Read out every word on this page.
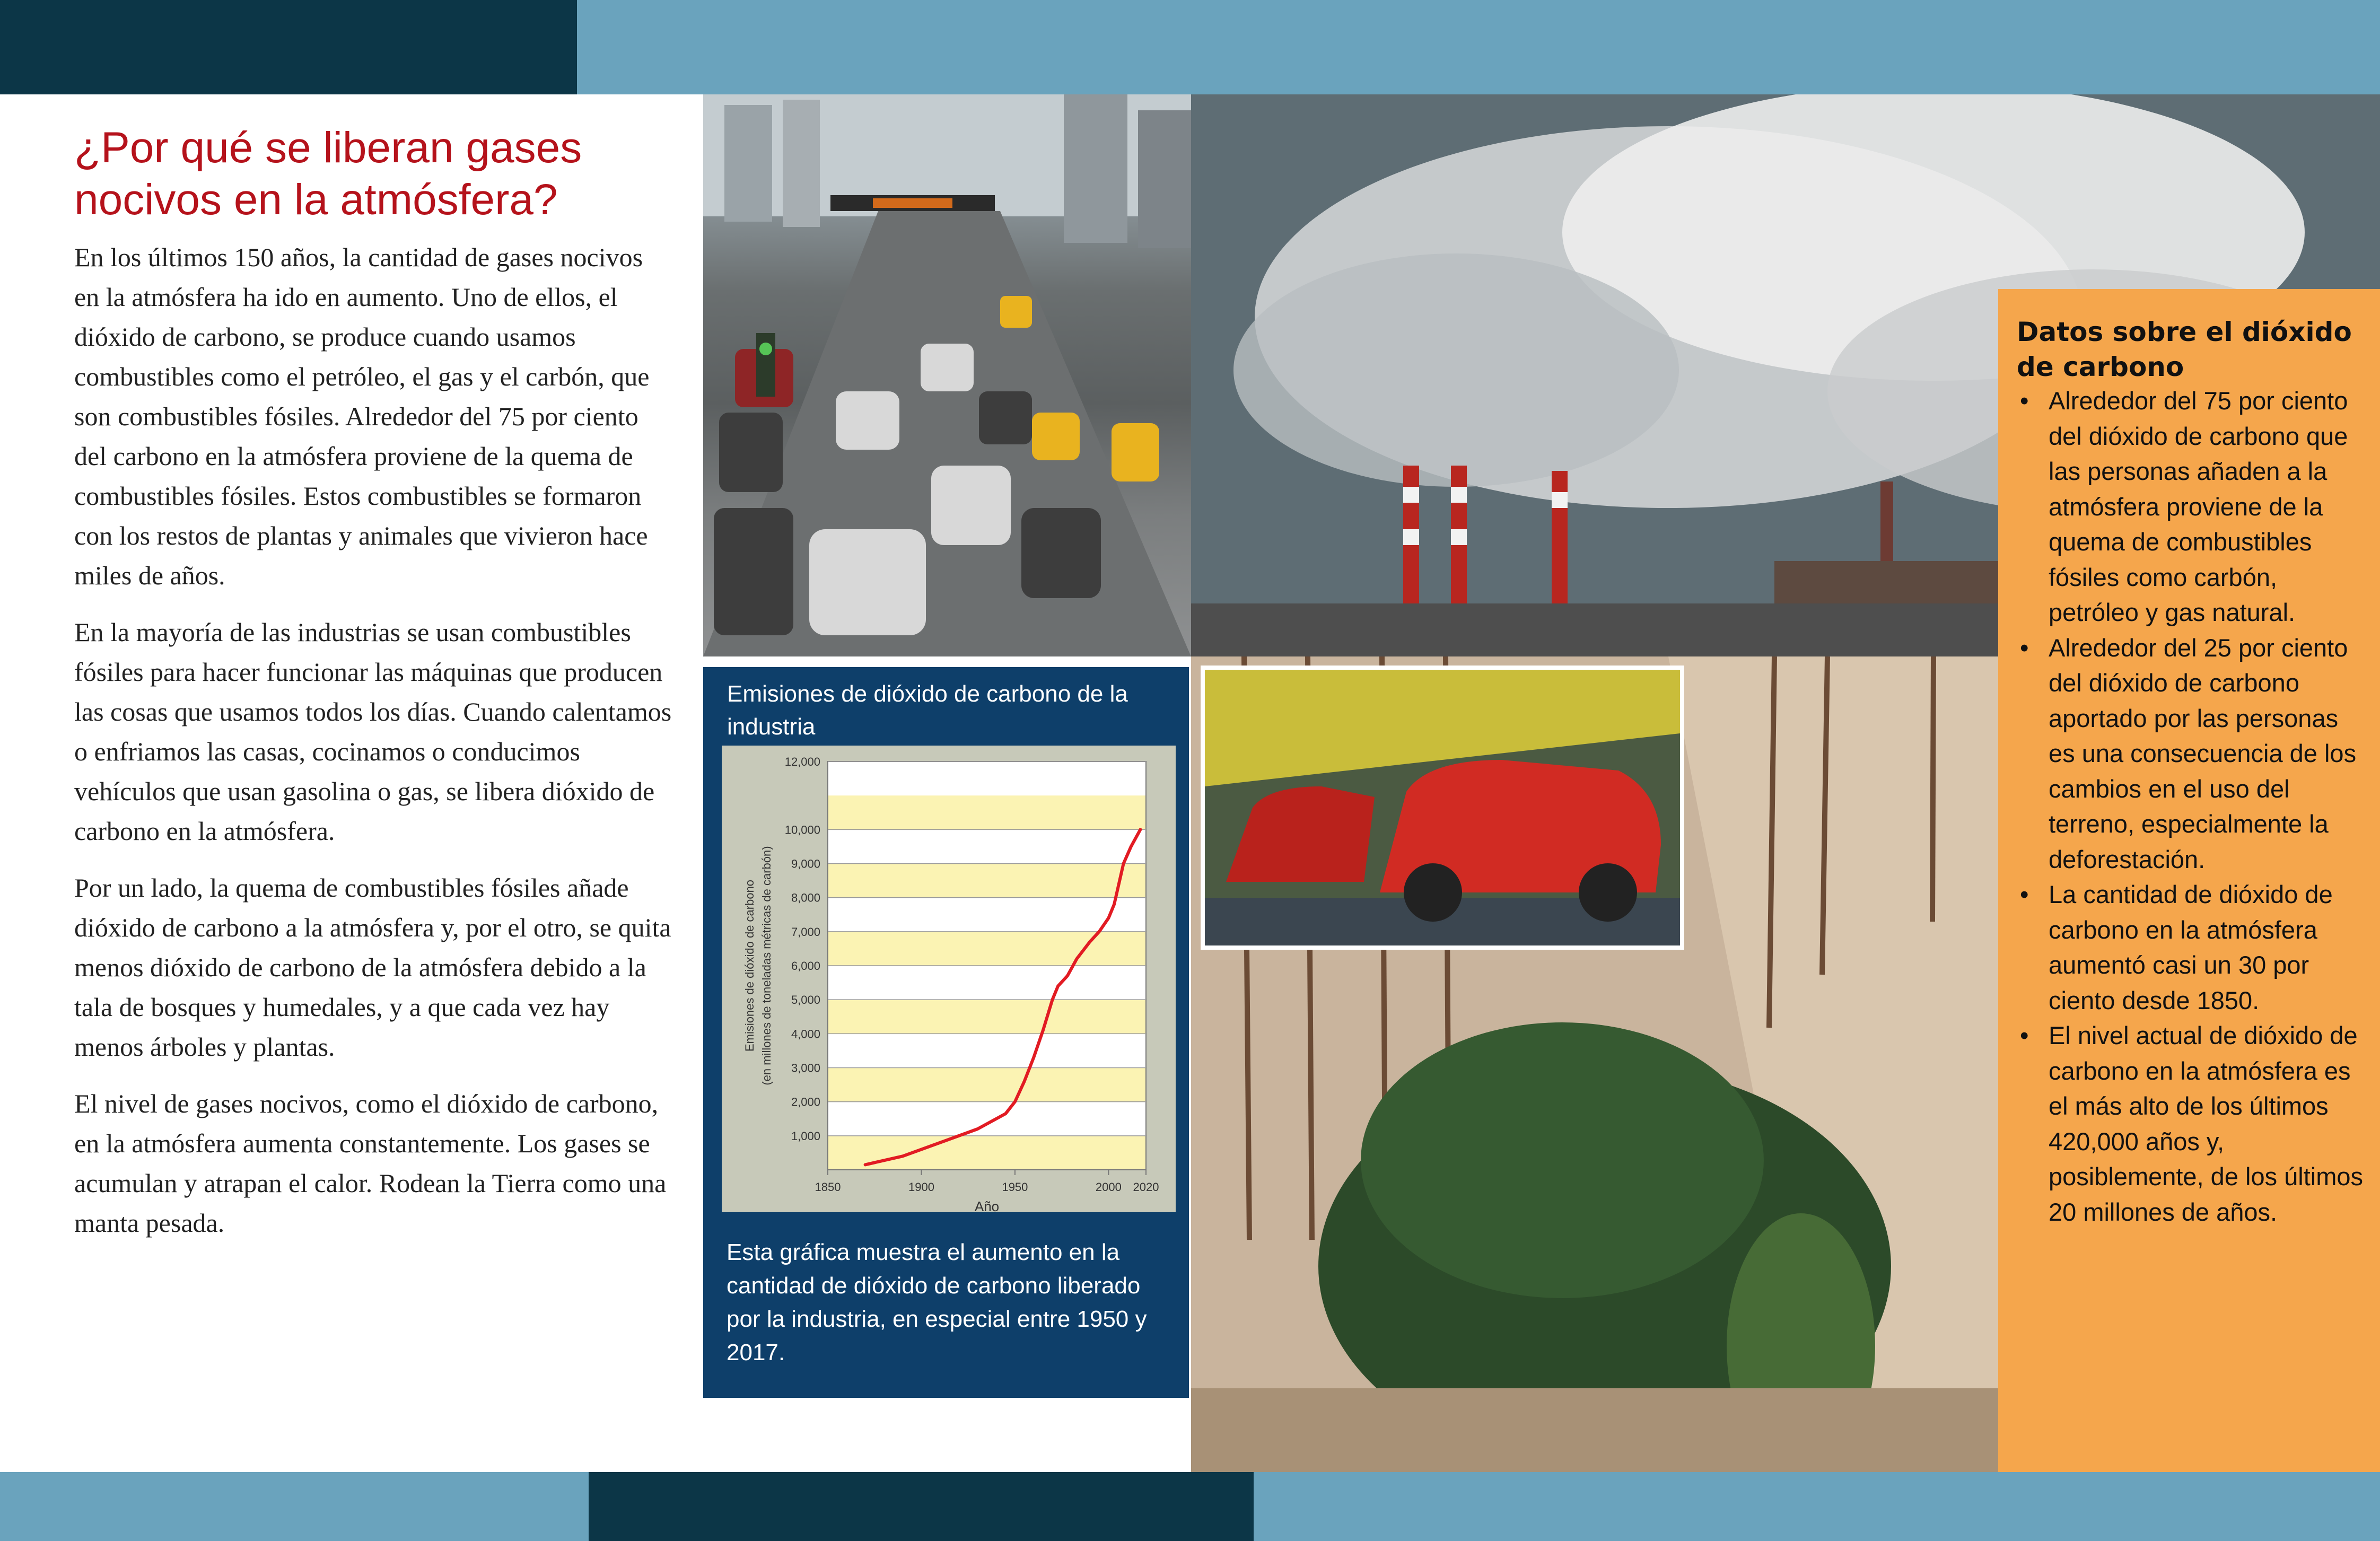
¿Por qué se liberan gases nocivos en la atmósfera?

En los últimos 150 años, la cantidad de gases nocivos en la atmósfera ha ido en aumento. Uno de ellos, el dióxido de carbono, se produce cuando usamos combustibles como el petróleo, el gas y el carbón, que son combustibles fósiles. Alrededor del 75 por ciento del carbono en la atmósfera proviene de la quema de combustibles fósiles. Estos combustibles se formaron con los restos de plantas y animales que vivieron hace miles de años.

En la mayoría de las industrias se usan combustibles fósiles para hacer funcionar las máquinas que producen las cosas que usamos todos los días. Cuando calentamos o enfriamos las casas, cocinamos o conducimos vehículos que usan gasolina o gas, se libera dióxido de carbono en la atmósfera.

Por un lado, la quema de combustibles fósiles añade dióxido de carbono a la atmósfera y, por el otro, se quita menos dióxido de carbono de la atmósfera debido a la tala de bosques y humedales, y a que cada vez hay menos árboles y plantas.

El nivel de gases nocivos, como el dióxido de carbono, en la atmósfera aumenta constantemente. Los gases se acumulan y atrapan el calor. Rodean la Tierra como una manta pesada.

Emisiones de dióxido de carbono de la industria
1,000
2,000
3,000
4,000
5,000
6,000
7,000
8,000
9,000
10,000
12,000
1850	1900	1950	2000 2020
Año
Emisiones de dióxido de carbono (en millones de toneladas métricas de carbón)
Esta gráfica muestra el aumento en la cantidad de dióxido de carbono liberado por la industria, en especial entre 1950 y 2017.
Datos sobre el dióxido de carbono
• Alrededor del 75 por ciento del dióxido de carbono que las personas añaden a la atmósfera proviene de la quema de combustibles fósiles como carbón, petróleo y gas natural.
• Alrededor del 25 por ciento del dióxido de carbono aportado por las personas es una consecuencia de los cambios en el uso del terreno, especialmente la deforestación.
• La cantidad de dióxido de carbono en la atmósfera aumentó casi un 30 por ciento desde 1850.
• El nivel actual de dióxido de carbono en la atmósfera es el más alto de los últimos 420,000 años y, posiblemente, de los últimos 20 millones de años.
